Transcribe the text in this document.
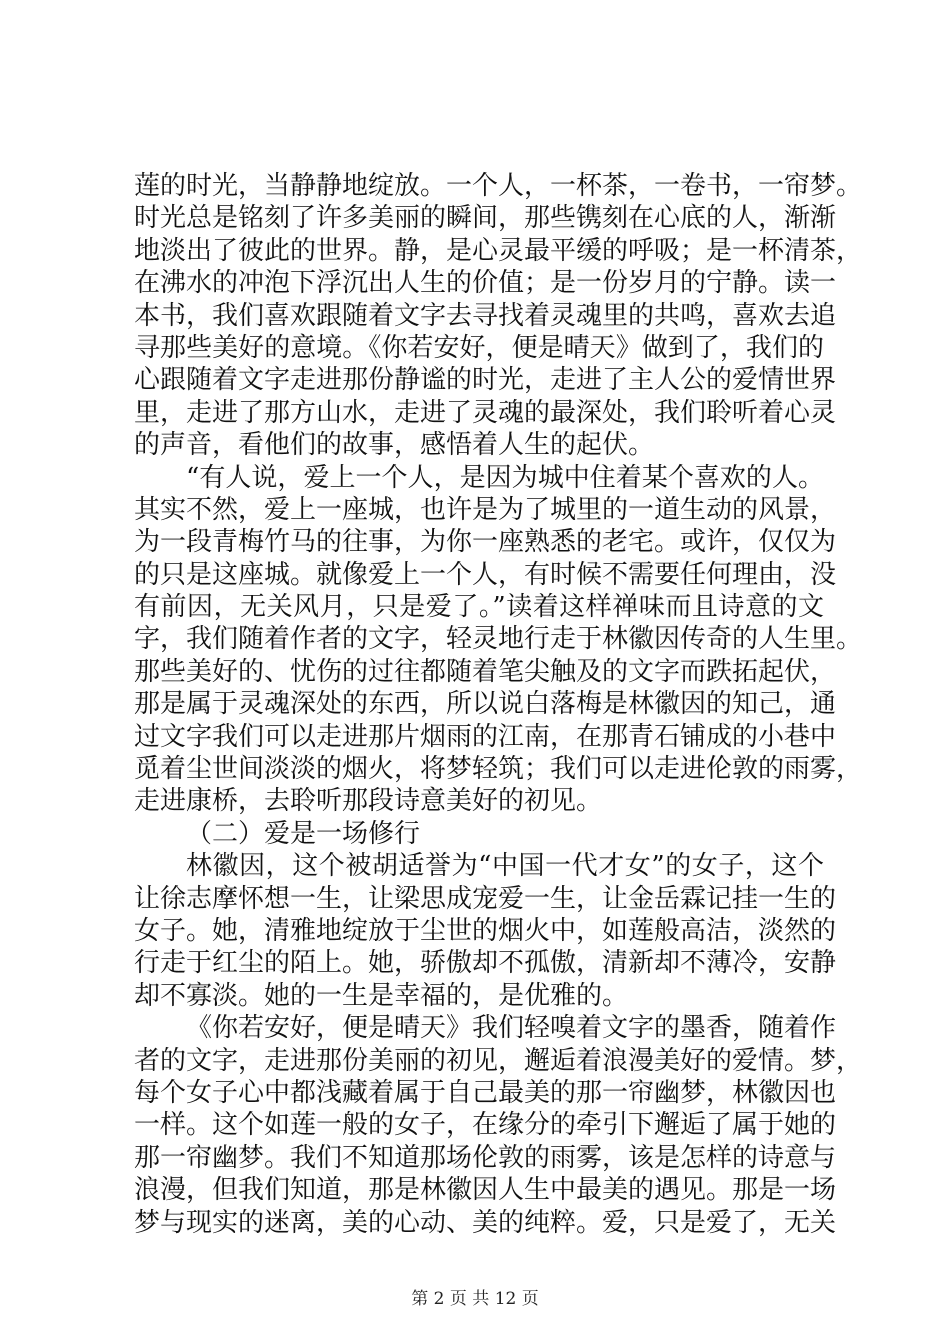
莲的时光，当静静地绽放。一个人，一杯茶，一卷书，一帘梦。
时光总是铭刻了许多美丽的瞬间，那些镌刻在心底的人，渐渐
地淡出了彼此的世界。静，是心灵最平缓的呼吸；是一杯清茶，
在沸水的冲泡下浮沉出人生的价值；是一份岁月的宁静。读一
本书，我们喜欢跟随着文字去寻找着灵魂里的共鸣，喜欢去追
寻那些美好的意境。《你若安好，便是晴天》做到了，我们的
心跟随着文字走进那份静谧的时光，走进了主人公的爱情世界
里，走进了那方山水，走进了灵魂的最深处，我们聆听着心灵
的声音，看他们的故事，感悟着人生的起伏。

“有人说，爱上一个人，是因为城中住着某个喜欢的人。
其实不然，爱上一座城，也许是为了城里的一道生动的风景，
为一段青梅竹马的往事，为你一座熟悉的老宅。或许，仅仅为
的只是这座城。就像爱上一个人，有时候不需要任何理由，没
有前因，无关风月，只是爱了。”读着这样禅味而且诗意的文
字，我们随着作者的文字，轻灵地行走于林徽因传奇的人生里。
那些美好的、忧伤的过往都随着笔尖触及的文字而跌拓起伏，
那是属于灵魂深处的东西，所以说白落梅是林徽因的知己，通
过文字我们可以走进那片烟雨的江南，在那青石铺成的小巷中
觅着尘世间淡淡的烟火，将梦轻筑；我们可以走进伦敦的雨雾，
走进康桥，去聆听那段诗意美好的初见。

（二）爱是一场修行

林徽因，这个被胡适誉为“中国一代才女”的女子，这个
让徐志摩怀想一生，让梁思成宠爱一生，让金岳霖记挂一生的
女子。她，清雅地绽放于尘世的烟火中，如莲般高洁，淡然的
行走于红尘的陌上。她，骄傲却不孤傲，清新却不薄冷，安静
却不寡淡。她的一生是幸福的，是优雅的。

《你若安好，便是晴天》我们轻嗅着文字的墨香，随着作
者的文字，走进那份美丽的初见，邂逅着浪漫美好的爱情。梦，
每个女子心中都浅藏着属于自己最美的那一帘幽梦，林徽因也
一样。这个如莲一般的女子，在缘分的牵引下邂逅了属于她的
那一帘幽梦。我们不知道那场伦敦的雨雾，该是怎样的诗意与
浪漫，但我们知道，那是林徽因人生中最美的遇见。那是一场
梦与现实的迷离，美的心动、美的纯粹。爱，只是爱了，无关

第 2 页 共 12 页
